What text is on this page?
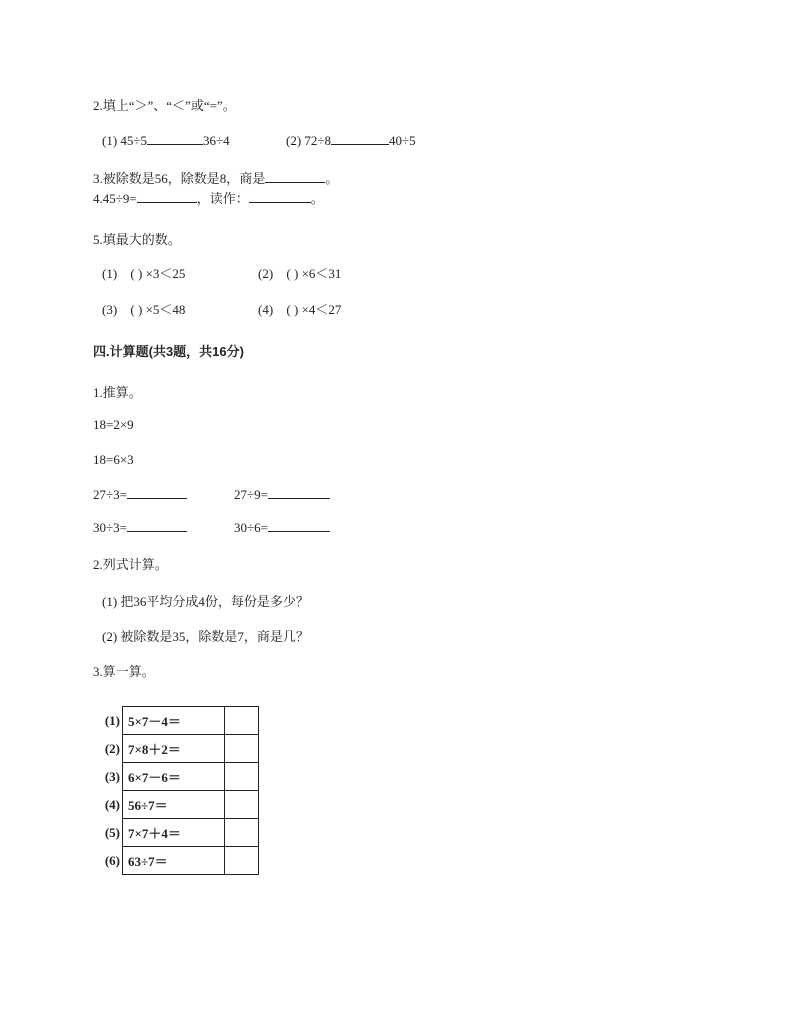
2.填上“＞”、“＜”或“=”。
(1) 45÷5	36÷4	(2) 72÷8	40÷5
3.被除数是56，除数是8，商是	。
4.45÷9=	，读作：	。
5.填最大的数。
(1) ( ) ×3＜25	(2) ( ) ×6＜31
(3) ( ) ×5＜48	(4) ( ) ×4＜27
四.计算题(共3题，共16分)
1.推算。
18=2×9
18=6×3
27÷3=	27÷9=
30÷3=	30÷6=
2.列式计算。
(1) 把36平均分成4份，每份是多少？
(2) 被除数是35，除数是7，商是几？
3.算一算。
(1)	5×7－4＝	
(2)	7×8＋2＝	
(3)	6×7－6＝	
(4)	56÷7＝	
(5)	7×7＋4＝	
(6)	63÷7＝	
